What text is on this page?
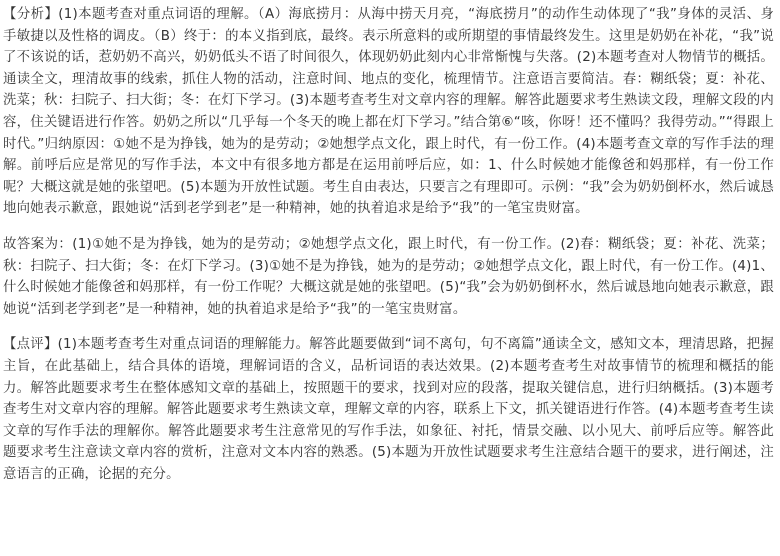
【分析】(1)本题考查对重点词语的理解。（A）海底捞月：从海中捞天月亮，“海底捞月”的动作生动体现了“我”身体的灵活、身手敏捷以及性格的调皮。（B）终于：的本义指到底，最终。表示所意料的或所期望的事情最终发生。这里是奶奶在补花，“我”说了不该说的话，惹奶奶不高兴，奶奶低头不语了时间很久，体现奶奶此刻内心非常惭愧与失落。(2)本题考查对人物情节的概括。通读全文，理清故事的线索，抓住人物的活动，注意时间、地点的变化，梳理情节。注意语言要简洁。春：糊纸袋；夏：补花、洗菜；秋：扫院子、扫大街；冬：在灯下学习。(3)本题考查考生对文章内容的理解。解答此题要求考生熟读文段，理解文段的内容，住关键语进行作答。奶奶之所以“几乎每一个冬天的晚上都在灯下学习。”结合第⑥“咳，你呀！还不懂吗？我得劳动。”“得跟上时代。”归纳原因：①她不是为挣钱，她为的是劳动；②她想学点文化，跟上时代，有一份工作。(4)本题考查文章的写作手法的理解。前呼后应是常见的写作手法，本文中有很多地方都是在运用前呼后应，如：1、什么时候她才能像爸和妈那样，有一份工作呢？大概这就是她的张望吧。(5)本题为开放性试题。考生自由表达，只要言之有理即可。示例：“我”会为奶奶倒杯水，然后诚恳地向她表示歉意，跟她说“活到老学到老”是一种精神，她的执着追求是给予“我”的一笔宝贵财富。

故答案为：(1)①她不是为挣钱，她为的是劳动；②她想学点文化，跟上时代，有一份工作。(2)春：糊纸袋；夏：补花、洗菜；秋：扫院子、扫大街；冬：在灯下学习。(3)①她不是为挣钱，她为的是劳动；②她想学点文化，跟上时代，有一份工作。(4)1、什么时候她才能像爸和妈那样，有一份工作呢？大概这就是她的张望吧。(5)“我”会为奶奶倒杯水，然后诚恳地向她表示歉意，跟她说“活到老学到老”是一种精神，她的执着追求是给予“我”的一笔宝贵财富。

【点评】(1)本题考查考生对重点词语的理解能力。解答此题要做到“词不离句，句不离篇”通读全文，感知文本，理清思路，把握主旨，在此基础上，结合具体的语境，理解词语的含义，品析词语的表达效果。(2)本题考查考生对故事情节的梳理和概括的能力。解答此题要求考生在整体感知文章的基础上，按照题干的要求，找到对应的段落，提取关键信息，进行归纳概括。(3)本题考查考生对文章内容的理解。解答此题要求考生熟读文章，理解文章的内容，联系上下文，抓关键语进行作答。(4)本题考查考生读文章的写作手法的理解你。解答此题要求考生注意常见的写作手法，如象征、衬托，情景交融、以小见大、前呼后应等。解答此题要求考生注意读文章内容的赏析，注意对文本内容的熟悉。(5)本题为开放性试题要求考生注意结合题干的要求，进行阐述，注意语言的正确，论据的充分。
